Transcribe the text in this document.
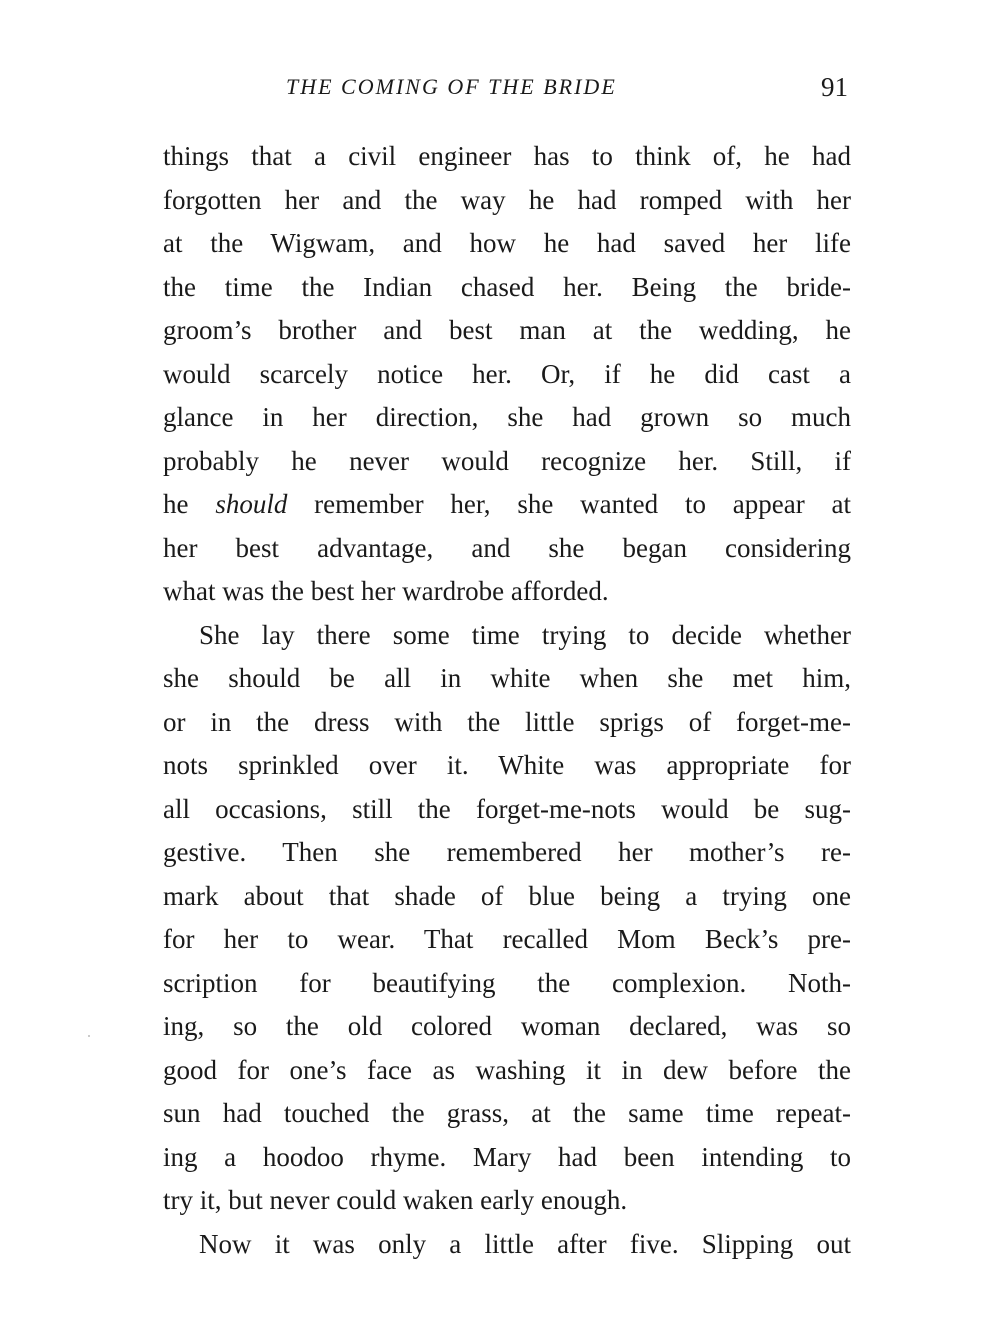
THE COMING OF THE BRIDE	91
things that a civil engineer has to think of, he had
forgotten her and the way he had romped with her
at the Wigwam, and how he had saved her life
the time the Indian chased her. Being the bride-
groom’s brother and best man at the wedding, he
would scarcely notice her. Or, if he did cast a
glance in her direction, she had grown so much
probably he never would recognize her. Still, if
he should remember her, she wanted to appear at
her best advantage, and she began considering
what was the best her wardrobe afforded.
She lay there some time trying to decide whether
she should be all in white when she met him,
or in the dress with the little sprigs of forget-me-
nots sprinkled over it. White was appropriate for
all occasions, still the forget-me-nots would be sug-
gestive. Then she remembered her mother’s re-
mark about that shade of blue being a trying one
for her to wear. That recalled Mom Beck’s pre-
scription for beautifying the complexion. Noth-
ing, so the old colored woman declared, was so
good for one’s face as washing it in dew before the
sun had touched the grass, at the same time repeat-
ing a hoodoo rhyme. Mary had been intending to
try it, but never could waken early enough.
Now it was only a little after five. Slipping out
